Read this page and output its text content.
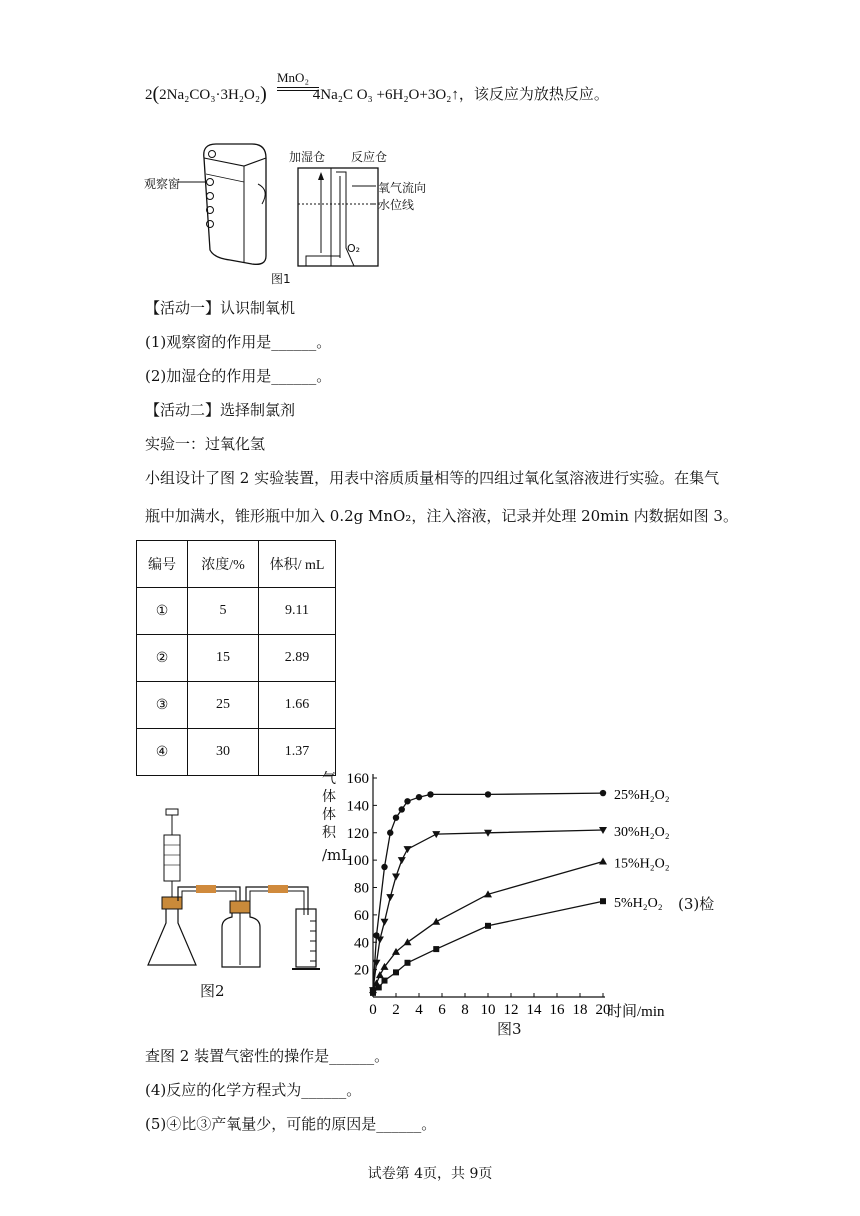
2(2Na₂CO₃·3H₂O₂)	4Na₂C O₃ +6H₂O+3O₂↑，该反应为放热反应。
MnO₂
观察窗
加湿仓 反应仓
氧气流向
水位线
O₂
图1
【活动一】认识制氧机
(1)观察窗的作用是______。
(2)加湿仓的作用是______。
【活动二】选择制氯剂
实验一：过氧化氢
小组设计了图 2 实验装置，用表中溶质质量相等的四组过氧化氢溶液进行实验。在集气
瓶中加满水，锥形瓶中加入 0.2g MnO₂，注入溶液，记录并处理 20min 内数据如图 3。
编号	浓度/%	体积/ mL
①	5	9.11
②	15	2.89
③	25	1.66
④	30	1.37
图2
气
体
体
积
/mL
0 2 4 6 8 10 12 14 16 18 20
20
40
60
80
100
120
140
160
时间/min
25%H₂O₂
30%H₂O₂
15%H₂O₂
5%H₂O₂
图3
(3)检
查图 2 装置气密性的操作是______。
(4)反应的化学方程式为______。
(5)④比③产氧量少，可能的原因是______。
试卷第 4页，共 9页
